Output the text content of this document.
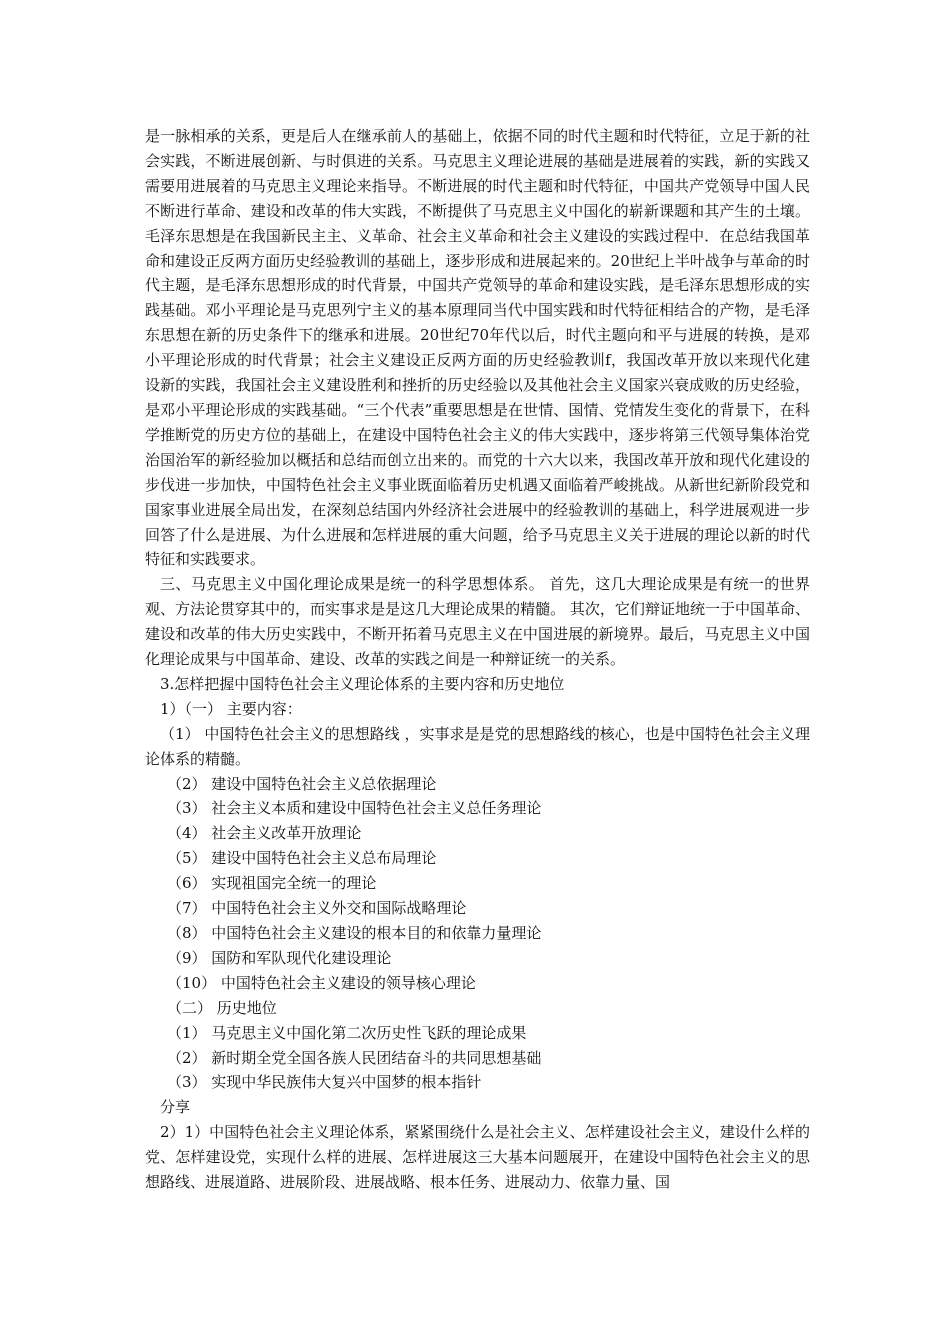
是一脉相承的关系，更是后人在继承前人的基础上，依据不同的时代主题和时代特征，立足于新的社会实践，不断进展创新、与时俱进的关系。马克思主义理论进展的基础是进展着的实践，新的实践又需要用进展着的马克思主义理论来指导。不断进展的时代主题和时代特征，中国共产党领导中国人民不断进行革命、建设和改革的伟大实践，不断提供了马克思主义中国化的崭新课题和其产生的土壤。毛泽东思想是在我国新民主主、义革命、社会主义革命和社会主义建设的实践过程中．在总结我国革命和建设正反两方面历史经验教训的基础上，逐步形成和进展起来的。20世纪上半叶战争与革命的时代主题，是毛泽东思想形成的时代背景，中国共产党领导的革命和建设实践，是毛泽东思想形成的实践基础。邓小平理论是马克思列宁主义的基本原理同当代中国实践和时代特征相结合的产物，是毛泽东思想在新的历史条件下的继承和进展。20世纪70年代以后，时代主题向和平与进展的转换，是邓小平理论形成的时代背景；社会主义建设正反两方面的历史经验教训f，我国改革开放以来现代化建设新的实践，我国社会主义建设胜利和挫折的历史经验以及其他社会主义国家兴衰成败的历史经验，是邓小平理论形成的实践基础。“三个代表”重要思想是在世情、国情、党情发生变化的背景下，在科学推断党的历史方位的基础上，在建设中国特色社会主义的伟大实践中，逐步将第三代领导集体治党治国治军的新经验加以概括和总结而创立出来的。而党的十六大以来，我国改革开放和现代化建设的步伐进一步加快，中国特色社会主义事业既面临着历史机遇又面临着严峻挑战。从新世纪新阶段党和国家事业进展全局出发，在深刻总结国内外经济社会进展中的经验教训的基础上，科学进展观进一步回答了什么是进展、为什么进展和怎样进展的重大问题，给予马克思主义关于进展的理论以新的时代特征和实践要求。

三、马克思主义中国化理论成果是统一的科学思想体系。 首先，这几大理论成果是有统一的世界观、方法论贯穿其中的，而实事求是是这几大理论成果的精髓。 其次，它们辩证地统一于中国革命、建设和改革的伟大历史实践中，不断开拓着马克思主义在中国进展的新境界。最后，马克思主义中国化理论成果与中国革命、建设、改革的实践之间是一种辩证统一的关系。

3.怎样把握中国特色社会主义理论体系的主要内容和历史地位

1）（一） 主要内容：

（1） 中国特色社会主义的思想路线 ，实事求是是党的思想路线的核心，也是中国特色社会主义理论体系的精髓。

（2） 建设中国特色社会主义总依据理论

（3） 社会主义本质和建设中国特色社会主义总任务理论

（4） 社会主义改革开放理论

（5） 建设中国特色社会主义总布局理论

（6） 实现祖国完全统一的理论

（7） 中国特色社会主义外交和国际战略理论

（8） 中国特色社会主义建设的根本目的和依靠力量理论

（9） 国防和军队现代化建设理论

（10） 中国特色社会主义建设的领导核心理论

（二） 历史地位

（1） 马克思主义中国化第二次历史性飞跃的理论成果

（2） 新时期全党全国各族人民团结奋斗的共同思想基础

（3） 实现中华民族伟大复兴中国梦的根本指针

分享

2）1）中国特色社会主义理论体系，紧紧围绕什么是社会主义、怎样建设社会主义，建设什么样的党、怎样建设党，实现什么样的进展、怎样进展这三大基本问题展开，在建设中国特色社会主义的思想路线、进展道路、进展阶段、进展战略、根本任务、进展动力、依靠力量、国
